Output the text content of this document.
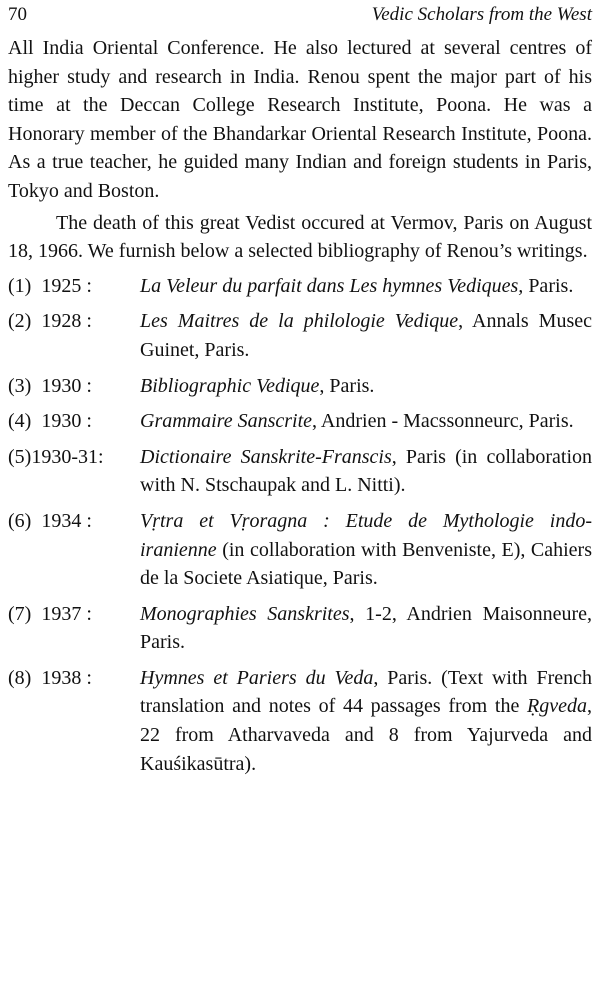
70	Vedic Scholars from the West

All India Oriental Conference. He also lectured at several centres of higher study and research in India. Renou spent the major part of his time at the Deccan College Research Institute, Poona. He was a Honorary member of the Bhandarkar Oriental Research Institute, Poona. As a true teacher, he guided many Indian and foreign students in Paris, Tokyo and Boston.

The death of this great Vedist occured at Vermov, Paris on August 18, 1966. We furnish below a selected bibliography of Renou’s writings.

(1)  1925 : La Veleur du parfait dans Les hymnes Vediques, Paris.
(2)  1928 : Les Maitres de la philologie Vedique, Annals Musec Guinet, Paris.
(3)  1930 : Bibliographic Vedique, Paris.
(4)  1930 : Grammaire Sanscrite, Andrien - Macssonneurc, Paris.
(5)1930-31: Dictionaire Sanskrite-Franscis, Paris (in collaboration with N. Stschaupak and L. Nitti).
(6)  1934 : Vṛtra et Vṛoragna : Etude de Mythologie indo-iranienne (in collaboration with Benveniste, E), Cahiers de la Societe Asiatique, Paris.
(7)  1937 : Monographies Sanskrites, 1-2, Andrien Maisonneure, Paris.
(8)  1938 : Hymnes et Pariers du Veda, Paris. (Text with French translation and notes of 44 passages from the Ṛgveda, 22 from Atharvaveda and 8 from Yajurveda and Kauśikasūtra).
